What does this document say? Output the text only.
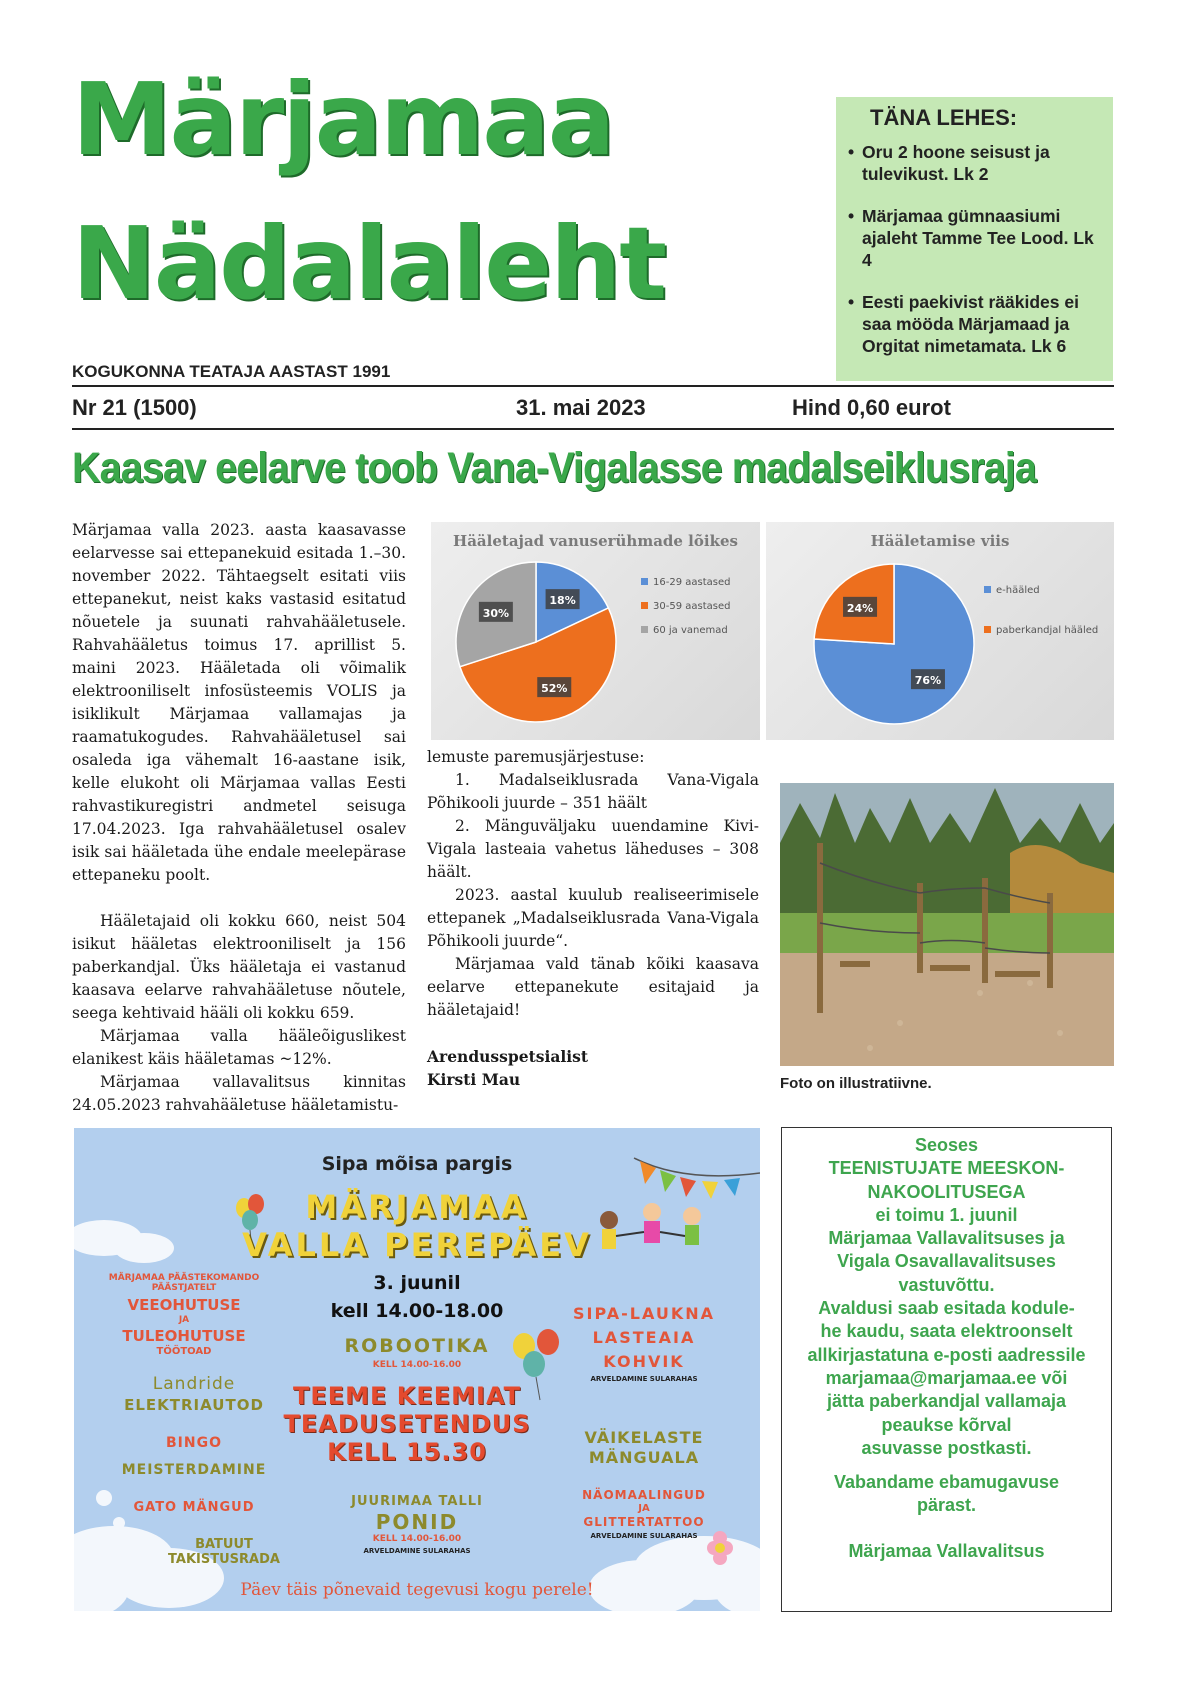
Märjamaa
Nädalaleht
KOGUKONNA TEATAJA AASTAST 1991
Nr 21 (1500)	31. mai 2023	Hind 0,60 eurot
TÄNA LEHES:
• Oru 2 hoone seisust ja tulevikust. Lk 2
• Märjamaa gümnaasiumi ajaleht Tamme Tee Lood. Lk 4
• Eesti paekivist rääkides ei saa mööda Märjamaad ja Orgitat nimetamata. Lk 6
Kaasav eelarve toob Vana-Vigalasse madalseiklusraja

Märjamaa valla 2023. aasta kaasavasse eelarvesse sai ettepanekuid esitada 1.–30. november 2022. Tähtaegselt esitati viis ettepanekut, neist kaks vastasid esitatud nõuetele ja suunati rahvahääletusele. Rahvahääletus toimus 17. aprillist 5. maini 2023. Hääletada oli võimalik elektrooniliselt infosüsteemis VOLIS ja isiklikult Märjamaa vallamajas ja raamatukogudes. Rahvahääletusel sai osaleda iga vähemalt 16-aastane isik, kelle elukoht oli Märjamaa vallas Eesti rahvastikuregistri andmetel seisuga 17.04.2023. Iga rahvahääletusel osalev isik sai hääletada ühe endale meelepärase ettepaneku poolt.

Hääletajaid oli kokku 660, neist 504 isikut hääletas elektrooniliselt ja 156 paberkandjal. Üks hääletaja ei vastanud kaasava eelarve rahvahääletuse nõutele, seega kehtivaid hääli oli kokku 659.

Märjamaa valla hääleõiguslikest elanikest käis hääletamas ~12%.

Märjamaa vallavalitsus kinnitas 24.05.2023 rahvahääletuse hääletamistu-

Hääletajad vanuserühmade lõikes
18%
52%
30%
16-29 aastased
30-59 aastased
60 ja vanemad
Hääletamise viis
76%
24%
e-hääled
paberkandjal hääled

lemuste paremusjärjestuse:

1. Madalseiklusrada Vana-Vigala Põhikooli juurde – 351 häält

2. Mänguväljaku uuendamine Kivi-Vigala lasteaia vahetus läheduses – 308 häält.

2023. aastal kuulub realiseerimisele ettepanek „Madalseiklusrada Vana-Vigala Põhikooli juurde“.

Märjamaa vald tänab kõiki kaasava eelarve ettepanekute esitajaid ja hääletajaid!

Arendusspetsialist

Kirsti Mau	Foto on illustratiivne.
Sipa mõisa pargis
MÄRJAMAA
VALLA PEREPÄEV
3. juunil
kell 14.00-18.00
MÄRJAMAA PÄÄSTEKOMANDO PÄÄSTJATELT
VEEOHUTUSE
JA
TULEOHUTUSE
TÖÖTOAD
Landride
ELEKTRIAUTOD
BINGO
MEISTERDAMINE
GATO MÄNGUD
BATUUT
TAKISTUSRADA
ROBOOTIKA
KELL 14.00-16.00
TEEME KEEMIAT
TEADUSETENDUS
KELL 15.30
JUURIMAA TALLI
PONID
KELL 14.00-16.00
ARVELDAMINE SULARAHAS
SIPA-LAUKNA
LASTEAIA
KOHVIK
ARVELDAMINE SULARAHAS
VÄIKELASTE
MÄNGUALA
NÄOMAALINGUD
JA
GLITTERTATTOO
ARVELDAMINE SULARAHAS
Päev täis põnevaid tegevusi kogu perele!
Seoses
TEENISTUJATE MEESKON-
NAKOOLITUSEGA
ei toimu 1. juunil
Märjamaa Vallavalitsuses ja
Vigala Osavallavalitsuses
vastuvõttu.
Avaldusi saab esitada kodule-
he kaudu, saata elektroonselt
allkirjastatuna e-posti aadressile
marjamaa@marjamaa.ee või
jätta paberkandjal vallamaja
peaukse kõrval
asuvasse postkasti.
Vabandame ebamugavuse
pärast.
Märjamaa Vallavalitsus
